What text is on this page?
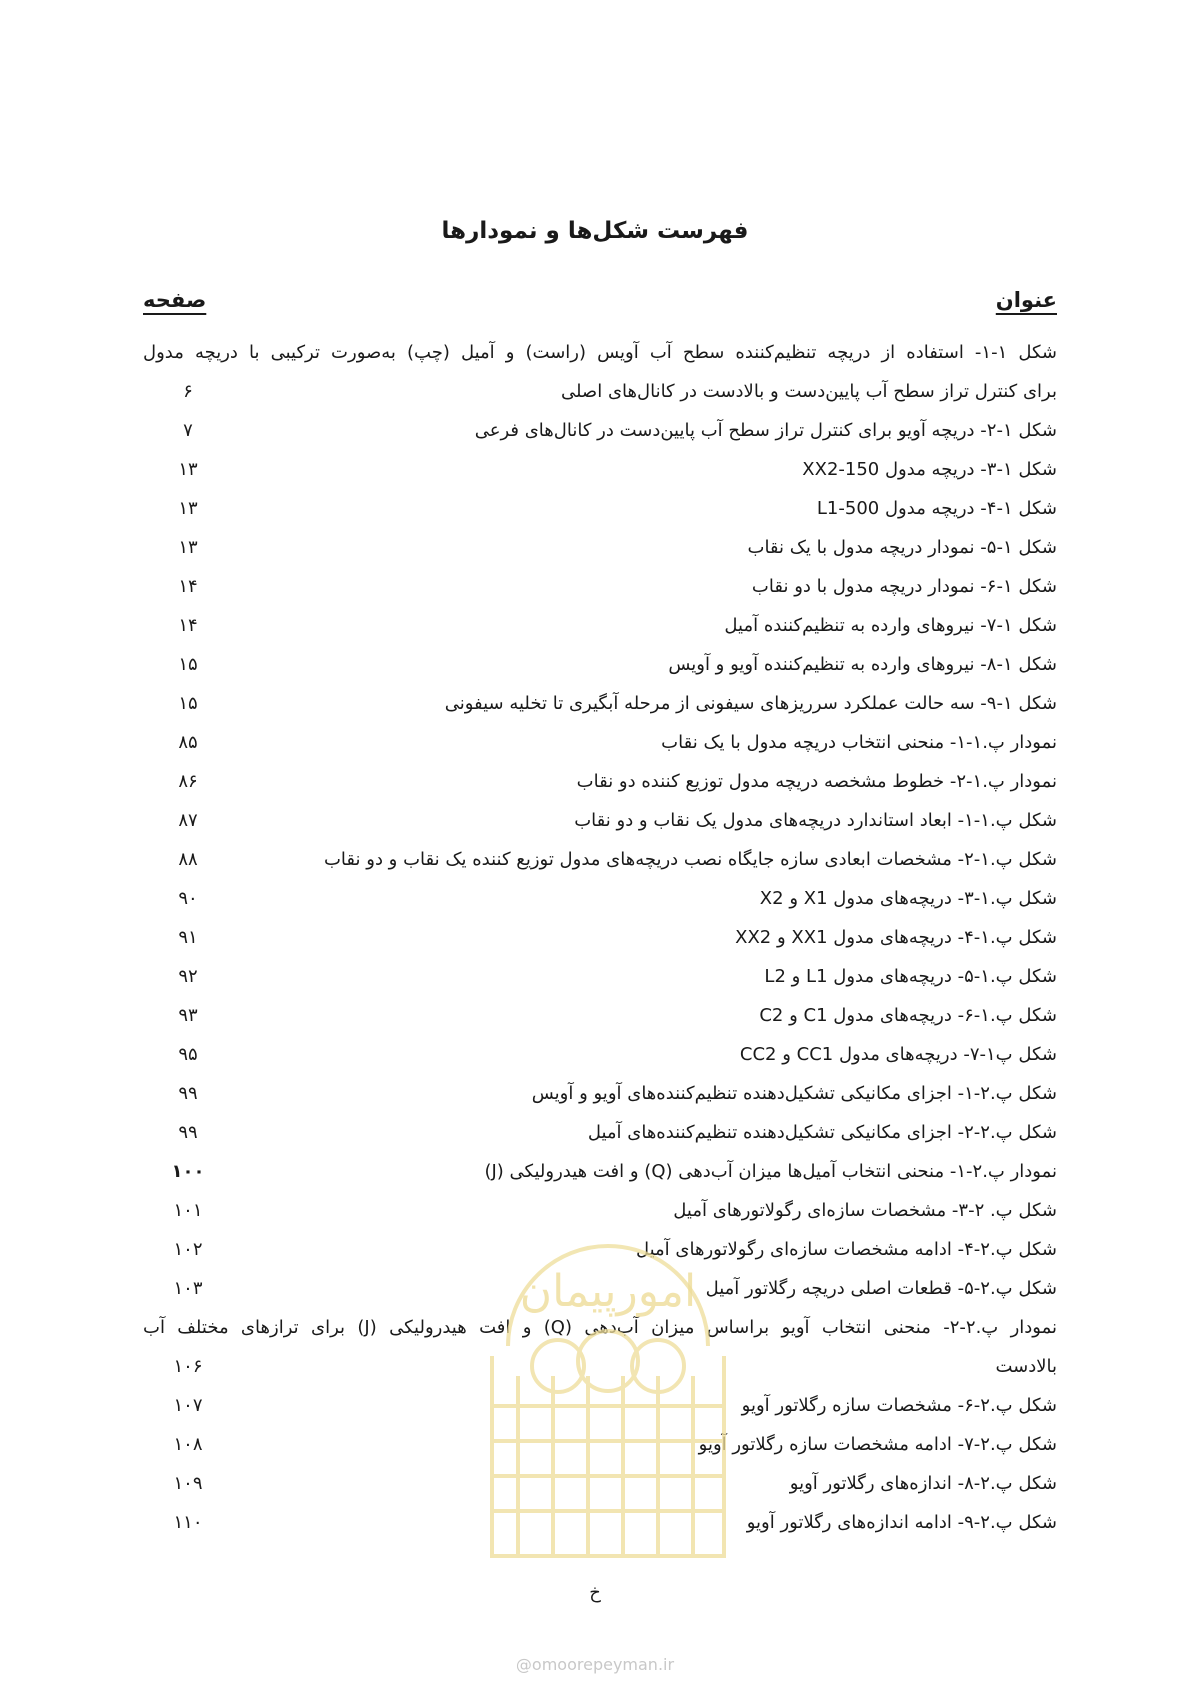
فهرست شکل‌ها و نمودارها
عنوان
صفحه
شکل ۱-۱- استفاده از دریچه تنظیم‌کننده سطح آب آویس (راست) و آمیل (چپ) به‌صورت ترکیبی با دریچه مدول
برای کنترل تراز سطح آب پایین‌دست و بالادست در کانال‌های اصلی
۶
شکل ۱-۲- دریچه آویو برای کنترل تراز سطح آب پایین‌دست در کانال‌های فرعی
۷
شکل ۱-۳- دریچه مدول XX2-150
۱۳
شکل ۱-۴- دریچه مدول L1-500
۱۳
شکل ۱-۵- نمودار دریچه مدول با یک نقاب
۱۳
شکل ۱-۶- نمودار دریچه مدول با دو نقاب
۱۴
شکل ۱-۷- نیروهای وارده به تنظیم‌کننده آمیل
۱۴
شکل ۱-۸- نیروهای وارده به تنظیم‌کننده آویو و آویس
۱۵
شکل ۱-۹- سه حالت عملکرد سرریزهای سیفونی از مرحله آبگیری تا تخلیه سیفونی
۱۵
نمودار پ.۱-۱- منحنی انتخاب دریچه مدول با یک نقاب
۸۵
نمودار پ.۱-۲- خطوط مشخصه دریچه مدول توزیع کننده دو نقاب
۸۶
شکل پ.۱-۱- ابعاد استاندارد دریچه‌های مدول یک نقاب و دو نقاب
۸۷
شکل پ.۱-۲- مشخصات ابعادی سازه جایگاه نصب دریچه‌های مدول توزیع کننده یک نقاب و دو نقاب
۸۸
شکل پ.۱-۳- دریچه‌های مدول X1 و X2
۹۰
شکل پ.۱-۴- دریچه‌های مدول XX1 و XX2
۹۱
شکل پ.۱-۵- دریچه‌های مدول L1 و L2
۹۲
شکل پ.۱-۶- دریچه‌های مدول C1 و C2
۹۳
شکل پ۱-۷- دریچه‌های مدول CC1 و CC2
۹۵
شکل پ.۲-۱- اجزای مکانیکی تشکیل‌دهنده تنظیم‌کننده‌های آویو و آویس
۹۹
شکل پ.۲-۲- اجزای مکانیکی تشکیل‌دهنده تنظیم‌کننده‌های آمیل
۹۹
نمودار پ.۲-۱- منحنی انتخاب آمیل‌ها میزان آب‌دهی (Q) و افت هیدرولیکی (J)
۱۰۰
شکل پ. ۲-۳- مشخصات سازه‌ای رگولاتورهای آمیل
۱۰۱
شکل پ.۲-۴- ادامه مشخصات سازه‌ای رگولاتورهای آمیل
۱۰۲
شکل پ.۲-۵- قطعات اصلی دریچه رگلاتور آمیل
۱۰۳
نمودار پ.۲-۲- منحنی انتخاب آویو براساس میزان آب‌دهی (Q) و افت هیدرولیکی (J) برای ترازهای مختلف آب
بالادست
۱۰۶
شکل پ.۲-۶- مشخصات سازه رگلاتور آویو
۱۰۷
شکل پ.۲-۷- ادامه مشخصات سازه رگلاتور آویو
۱۰۸
شکل پ.۲-۸- اندازه‌های رگلاتور آویو
۱۰۹
شکل پ.۲-۹- ادامه اندازه‌های رگلاتور آویو
۱۱۰
امورپیمان
خ
@omoorepeyman.ir
